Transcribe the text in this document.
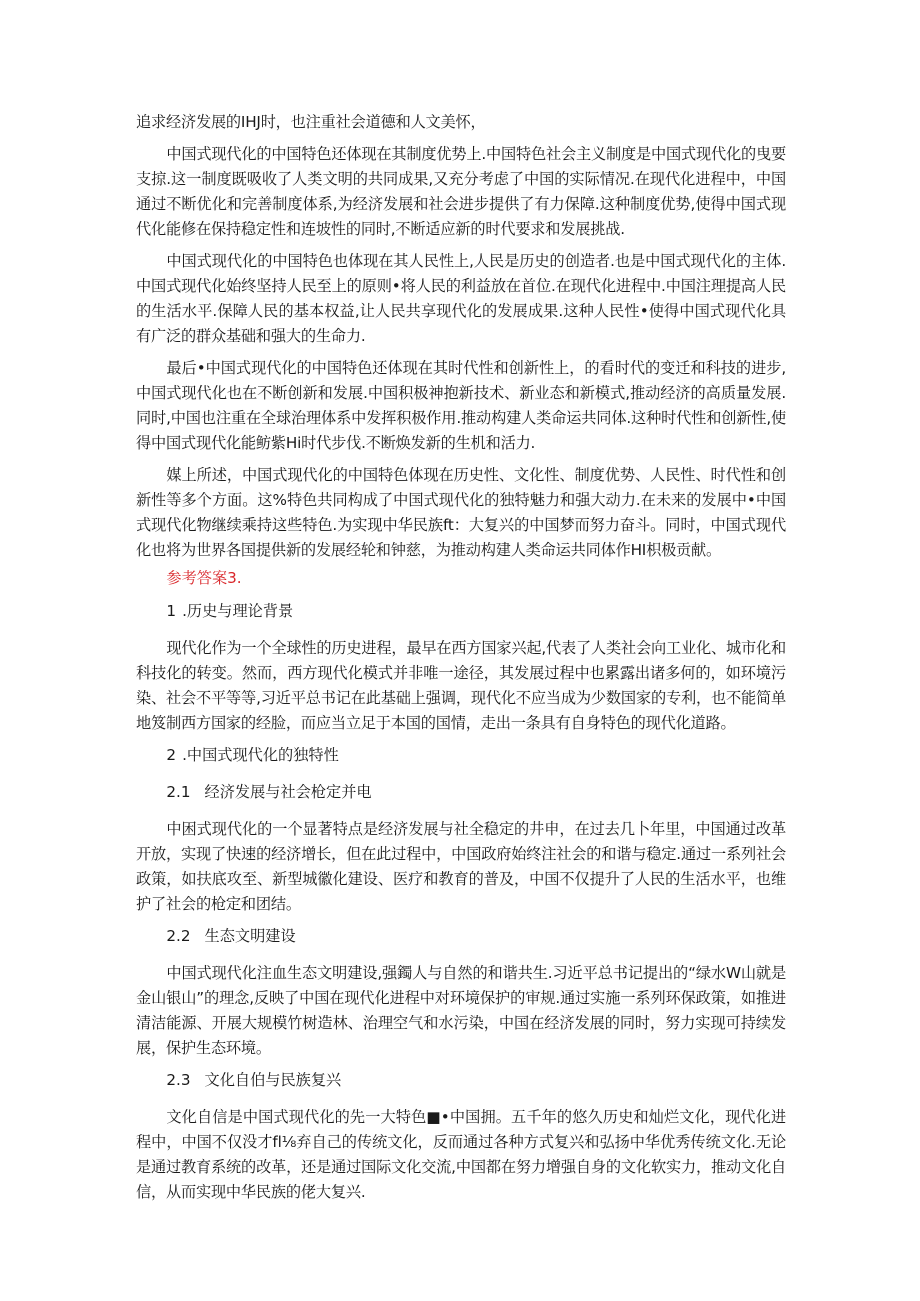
追求经济发展的IHJ时，也注重社会道德和人文美怀，

中国式现代化的中国特色还体现在其制度优势上.中国特色社会主义制度是中国式现代化的曳要支掠.这一制度既吸收了人类文明的共同成果,又充分考虑了中国的实际情况.在现代化进程中，中国通过不断优化和完善制度体系,为经济发展和社会进步提供了有力保障.这种制度优势,使得中国式现代化能修在保持稳定性和连坡性的同时,不断适应新的时代要求和发展挑战.

中国式现代化的中国特色也体现在其人民性上,人民是历史的创造者.也是中国式现代化的主体.中国式现代化始终坚持人民至上的原则•将人民的利益放在首位.在现代化进程中.中国注理提高人民的生活水平.保障人民的基本权益,让人民共享现代化的发展成果.这种人民性•使得中国式现代化具有广泛的群众基础和强大的生命力.

最后•中国式现代化的中国特色还体现在其时代性和创新性上，的看时代的变迁和科技的进步,中国式现代化也在不断创新和发展.中国积极神抱新技术、新业态和新模式,推动经济的高质量发展.同时,中国也注重在全球治理体系中发挥积极作用.推动构建人类命运共同体.这种时代性和创新性,使得中国式现代化能鲂紫Hi时代步伐.不断焕发新的生机和活力.

媒上所述，中国式现代化的中国特色体现在历史性、文化性、制度优势、人民性、时代性和创新性等多个方面。这%特色共同构成了中国式现代化的独特魅力和强大动力.在未来的发展中•中国式现代化物继续乘持这些特色.为实现中华民族ft：大复兴的中国梦而努力奋斗。同时，中国式现代化也将为世界各国提供新的发展经轮和钟慈，为推动构建人类命运共同体作HI枳极贡献。

参考答案3.

1 .历史与理论背景

现代化作为一个全球性的历史进程，最早在西方国家兴起,代表了人类社会向工业化、城市化和科技化的转变。然而，西方现代化模式并非唯一途径，其发展过程中也累露出诸多何的，如环境污染、社会不平等等,习近平总书记在此基础上强调，现代化不应当成为少数国家的专利，也不能简单地笈制西方国家的经脸，而应当立足于本国的国情，走出一条具有自身特色的现代化道路。

2 .中国式现代化的独特性
2.1 经济发展与社会枪定并电

中困式现代化的一个显著特点是经济发展与社全稳定的井申，在过去几卜年里，中国通过改革开放，实现了快速的经济增长，但在此过程中，中国政府始终注社会的和谐与稳定.通过一系列社会政策，如扶底攻至、新型城徽化建设、医疗和教育的普及，中国不仅提升了人民的生活水平，也维护了社会的枪定和团结。

2.2 生态文明建设

中国式现代化注血生态文明建设,强鐲人与自然的和谐共生.习近平总书记提出的“绿水W山就是金山银山”的理念,反映了中国在现代化进程中对环境保护的审规.通过实施一系列环保政策，如推进清洁能源、开展大规模竹树造林、治理空气和水污染，中国在经济发展的同时，努力实现可持续发展，保护生态环境。

2.3 文化自伯与民族复兴

文化自信是中国式现代化的先一大特色■•中国拥。五千年的悠久历史和灿烂文化，现代化进程中，中国不仅没才fl⅛弃自己的传统文化，反而通过各种方式复兴和弘扬中华优秀传统文化.无论是通过教育系统的改革，还是通过国际文化交流,中国都在努力增强自身的文化软实力，推动文化自信，从而实现中华民族的佬大复兴.
